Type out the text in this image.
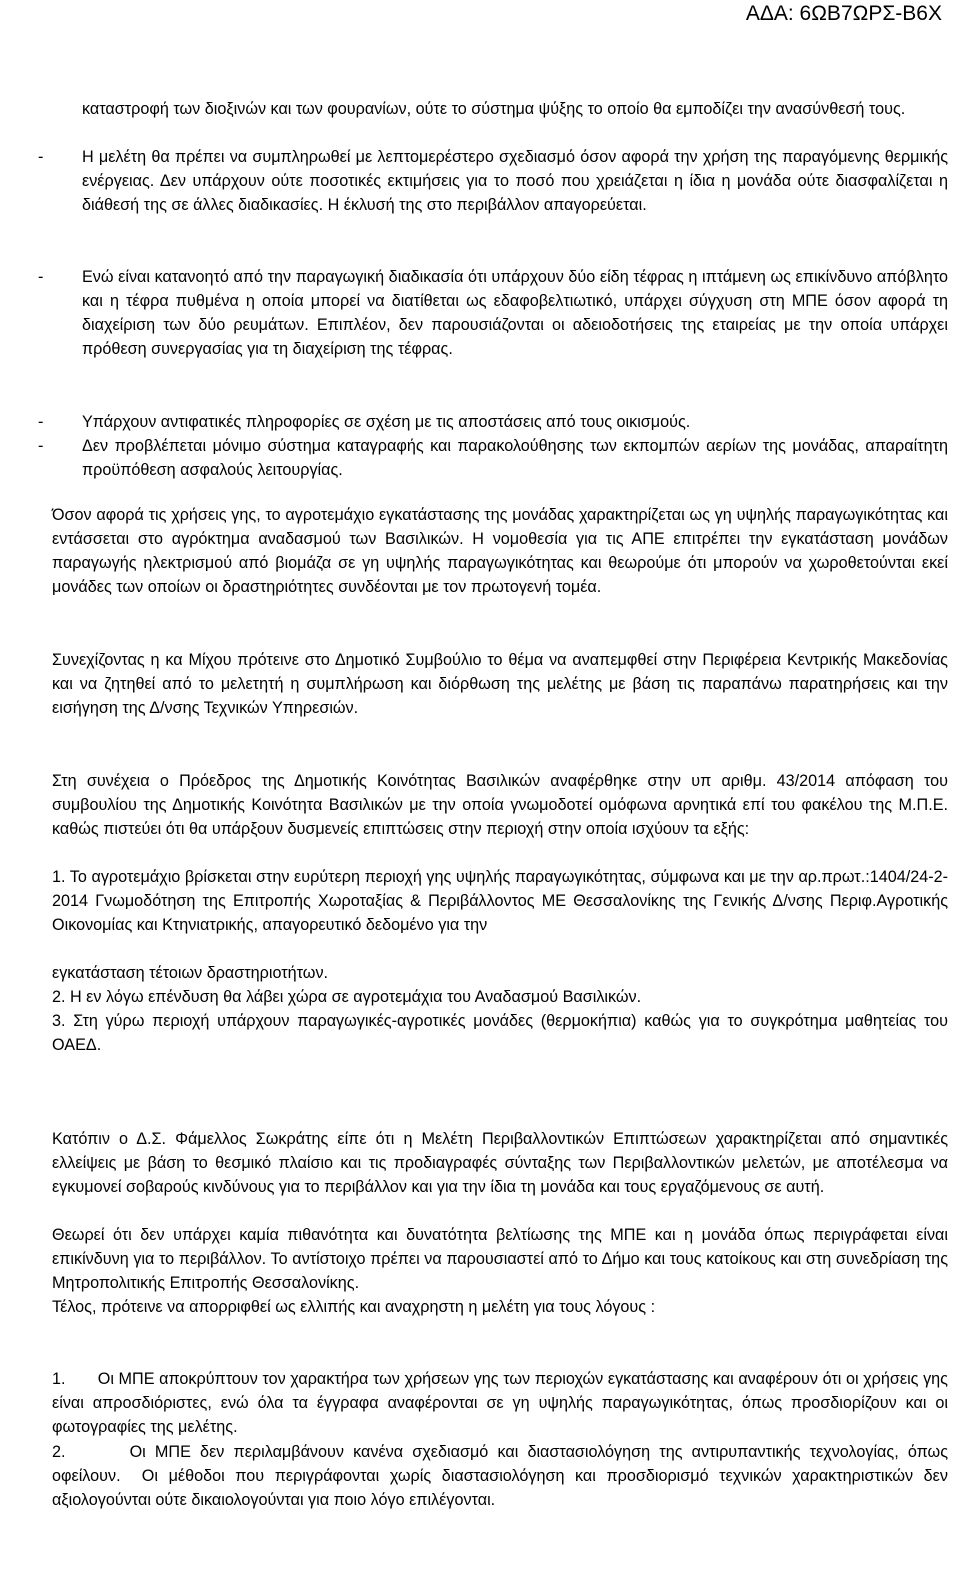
ΑΔΑ: 6ΩΒ7ΩΡΣ-Β6Χ

καταστροφή των διοξινών και των φουρανίων, ούτε το σύστημα ψύξης το οποίο θα εμποδίζει την ανασύνθεσή τους.

- Η μελέτη θα πρέπει να συμπληρωθεί με λεπτομερέστερο σχεδιασμό όσον αφορά την χρήση της παραγόμενης θερμικής ενέργειας. Δεν υπάρχουν ούτε ποσοτικές εκτιμήσεις για το ποσό που χρειάζεται η ίδια η μονάδα ούτε διασφαλίζεται η διάθεσή της σε άλλες διαδικασίες. Η έκλυσή της στο περιβάλλον απαγορεύεται.

- Ενώ είναι κατανοητό από την παραγωγική διαδικασία ότι υπάρχουν δύο είδη τέφρας η ιπτάμενη ως επικίνδυνο απόβλητο και η τέφρα πυθμένα η οποία μπορεί να διατίθεται ως εδαφοβελτιωτικό, υπάρχει σύγχυση στη ΜΠΕ όσον αφορά τη διαχείριση των δύο ρευμάτων. Επιπλέον, δεν παρουσιάζονται οι αδειοδοτήσεις της εταιρείας με την οποία υπάρχει πρόθεση συνεργασίας για τη διαχείριση της τέφρας.

- Υπάρχουν αντιφατικές πληροφορίες σε σχέση με τις αποστάσεις από τους οικισμούς.

- Δεν προβλέπεται μόνιμο σύστημα καταγραφής και παρακολούθησης των εκπομπών αερίων της μονάδας, απαραίτητη προϋπόθεση ασφαλούς λειτουργίας.

Όσον αφορά τις χρήσεις γης, το αγροτεμάχιο εγκατάστασης της μονάδας χαρακτηρίζεται ως γη υψηλής παραγωγικότητας και εντάσσεται στο αγρόκτημα αναδασμού των Βασιλικών. Η νομοθεσία για τις ΑΠΕ επιτρέπει την εγκατάσταση μονάδων παραγωγής ηλεκτρισμού από βιομάζα σε γη υψηλής παραγωγικότητας και θεωρούμε ότι μπορούν να χωροθετούνται εκεί μονάδες των οποίων οι δραστηριότητες συνδέονται με τον πρωτογενή τομέα.

Συνεχίζοντας η κα Μίχου πρότεινε στο Δημοτικό Συμβούλιο το θέμα να αναπεμφθεί στην Περιφέρεια Κεντρικής Μακεδονίας και να ζητηθεί από το μελετητή η συμπλήρωση και διόρθωση της μελέτης με βάση τις παραπάνω παρατηρήσεις και την εισήγηση της Δ/νσης Τεχνικών Υπηρεσιών.

Στη συνέχεια ο Πρόεδρος της Δημοτικής Κοινότητας Βασιλικών αναφέρθηκε στην υπ αριθμ. 43/2014 απόφαση του συμβουλίου της Δημοτικής Κοινότητα Βασιλικών με την οποία γνωμοδοτεί ομόφωνα αρνητικά επί του φακέλου της Μ.Π.Ε. καθώς πιστεύει ότι θα υπάρξουν δυσμενείς επιπτώσεις στην περιοχή στην οποία ισχύουν τα εξής:

1. Το αγροτεμάχιο βρίσκεται στην ευρύτερη περιοχή γης υψηλής παραγωγικότητας, σύμφωνα και με την αρ.πρωτ.:1404/24-2-2014 Γνωμοδότηση της Επιτροπής Χωροταξίας & Περιβάλλοντος ΜΕ Θεσσαλονίκης της Γενικής Δ/νσης Περιφ.Αγροτικής Οικονομίας και Κτηνιατρικής, απαγορευτικό δεδομένο για την

εγκατάσταση τέτοιων δραστηριοτήτων.

2. Η εν λόγω επένδυση θα λάβει χώρα σε αγροτεμάχια του Αναδασμού Βασιλικών.

3. Στη γύρω περιοχή υπάρχουν παραγωγικές-αγροτικές μονάδες (θερμοκήπια) καθώς για το συγκρότημα μαθητείας του ΟΑΕΔ.

Κατόπιν ο Δ.Σ. Φάμελλος Σωκράτης είπε ότι η Μελέτη Περιβαλλοντικών Επιπτώσεων χαρακτηρίζεται από σημαντικές ελλείψεις με βάση το θεσμικό πλαίσιο και τις προδιαγραφές σύνταξης των Περιβαλλοντικών μελετών, με αποτέλεσμα να εγκυμονεί σοβαρούς κινδύνους για το περιβάλλον και για την ίδια τη μονάδα και τους εργαζόμενους σε αυτή.

Θεωρεί ότι δεν υπάρχει καμία πιθανότητα και δυνατότητα βελτίωσης της ΜΠΕ και η μονάδα όπως περιγράφεται είναι επικίνδυνη για το περιβάλλον. Το αντίστοιχο πρέπει να παρουσιαστεί από το Δήμο και τους κατοίκους και στη συνεδρίαση της Μητροπολιτικής Επιτροπής Θεσσαλονίκης.

Τέλος, πρότεινε να απορριφθεί ως ελλιπής και αναχρηστη η μελέτη για τους λόγους :

1.       Οι ΜΠΕ αποκρύπτουν τον χαρακτήρα των χρήσεων γης των περιοχών εγκατάστασης και αναφέρουν ότι οι χρήσεις γης είναι απροσδιόριστες, ενώ όλα τα έγγραφα αναφέρονται σε γη υψηλής παραγωγικότητας, όπως προσδιορίζουν και οι φωτογραφίες της μελέτης.

2.       Οι ΜΠΕ δεν περιλαμβάνουν κανένα σχεδιασμό και διαστασιολόγηση της αντιρυπαντικής τεχνολογίας, όπως οφείλουν.  Οι μέθοδοι που περιγράφονται χωρίς διαστασιολόγηση και προσδιορισμό τεχνικών χαρακτηριστικών δεν αξιολογούνται ούτε δικαιολογούνται για ποιο λόγο επιλέγονται.
